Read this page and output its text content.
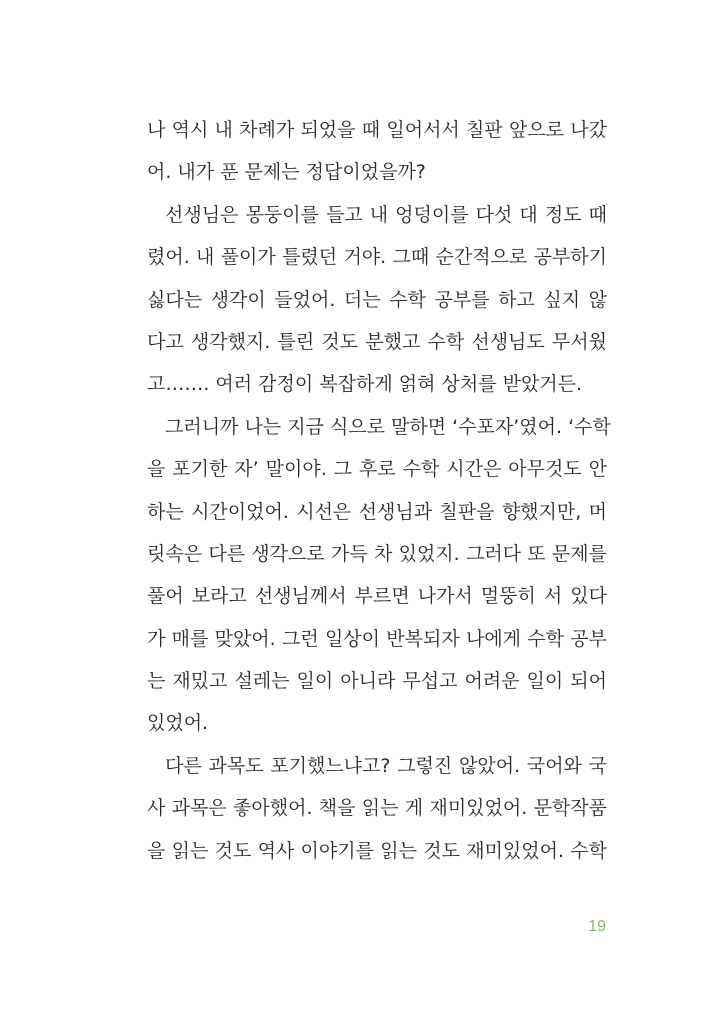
나 역시 내 차례가 되었을 때 일어서서 칠판 앞으로 나갔
어. 내가 푼 문제는 정답이었을까?
선생님은 몽둥이를 들고 내 엉덩이를 다섯 대 정도 때
렸어. 내 풀이가 틀렸던 거야. 그때 순간적으로 공부하기
싫다는 생각이 들었어. 더는 수학 공부를 하고 싶지 않
다고 생각했지. 틀린 것도 분했고 수학 선생님도 무서웠
고……. 여러 감정이 복잡하게 얽혀 상처를 받았거든.
그러니까 나는 지금 식으로 말하면 ‘수포자’였어. ‘수학
을 포기한 자’ 말이야. 그 후로 수학 시간은 아무것도 안
하는 시간이었어. 시선은 선생님과 칠판을 향했지만, 머
릿속은 다른 생각으로 가득 차 있었지. 그러다 또 문제를
풀어 보라고 선생님께서 부르면 나가서 멀뚱히 서 있다
가 매를 맞았어. 그런 일상이 반복되자 나에게 수학 공부
는 재밌고 설레는 일이 아니라 무섭고 어려운 일이 되어
있었어.
다른 과목도 포기했느냐고? 그렇진 않았어. 국어와 국
사 과목은 좋아했어. 책을 읽는 게 재미있었어. 문학작품
을 읽는 것도 역사 이야기를 읽는 것도 재미있었어. 수학
19
